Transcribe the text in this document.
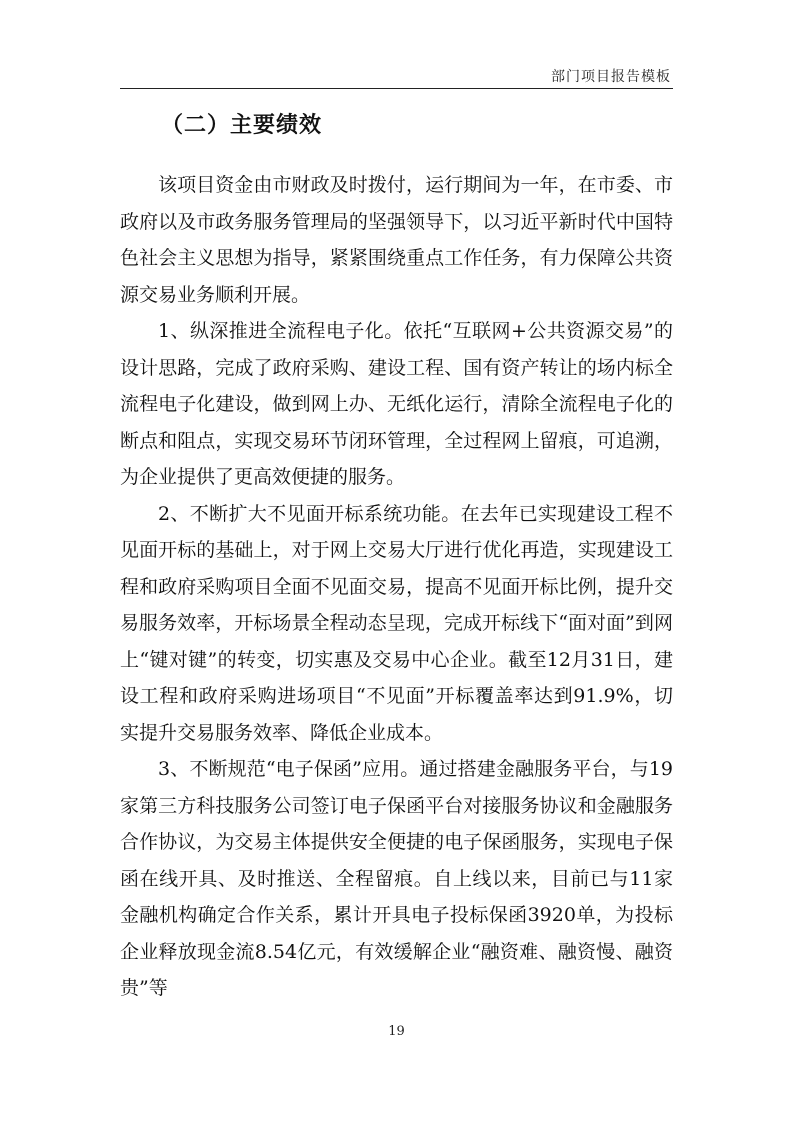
部门项目报告模板
（二）主要绩效

该项目资金由市财政及时拨付，运行期间为一年，在市委、市政府以及市政务服务管理局的坚强领导下，以习近平新时代中国特色社会主义思想为指导，紧紧围绕重点工作任务，有力保障公共资源交易业务顺利开展。

1、纵深推进全流程电子化。依托“互联网+公共资源交易”的设计思路，完成了政府采购、建设工程、国有资产转让的场内标全流程电子化建设，做到网上办、无纸化运行，清除全流程电子化的断点和阻点，实现交易环节闭环管理，全过程网上留痕，可追溯，为企业提供了更高效便捷的服务。

2、不断扩大不见面开标系统功能。在去年已实现建设工程不见面开标的基础上，对于网上交易大厅进行优化再造，实现建设工程和政府采购项目全面不见面交易，提高不见面开标比例，提升交易服务效率，开标场景全程动态呈现，完成开标线下“面对面”到网上“键对键”的转变，切实惠及交易中心企业。截至12月31日，建设工程和政府采购进场项目“不见面”开标覆盖率达到91.9%，切实提升交易服务效率、降低企业成本。

3、不断规范“电子保函”应用。通过搭建金融服务平台，与19家第三方科技服务公司签订电子保函平台对接服务协议和金融服务合作协议，为交易主体提供安全便捷的电子保函服务，实现电子保函在线开具、及时推送、全程留痕。自上线以来，目前已与11家金融机构确定合作关系，累计开具电子投标保函3920单，为投标企业释放现金流8.54亿元，有效缓解企业“融资难、融资慢、融资贵”等

19
